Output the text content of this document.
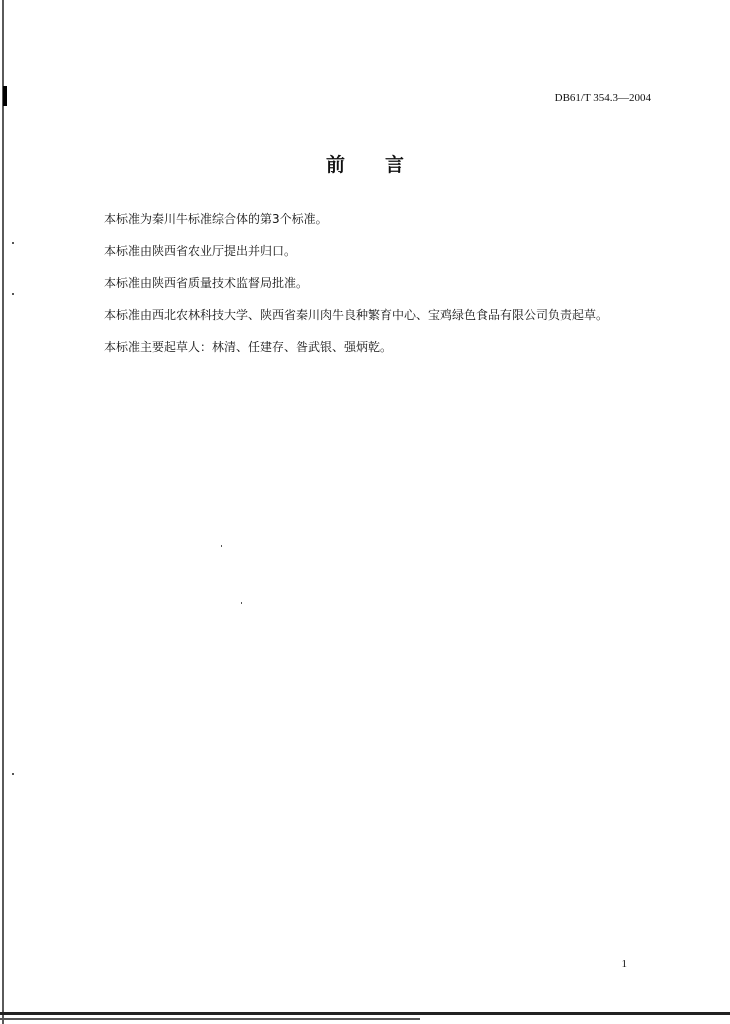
DB61/T 354.3—2004
前 言
本标准为秦川牛标准综合体的第3个标准。
本标准由陕西省农业厅提出并归口。
本标准由陕西省质量技术监督局批准。
本标准由西北农林科技大学、陕西省秦川肉牛良种繁育中心、宝鸡绿色食品有限公司负责起草。
本标准主要起草人：林清、任建存、昝武银、强炳乾。
1
